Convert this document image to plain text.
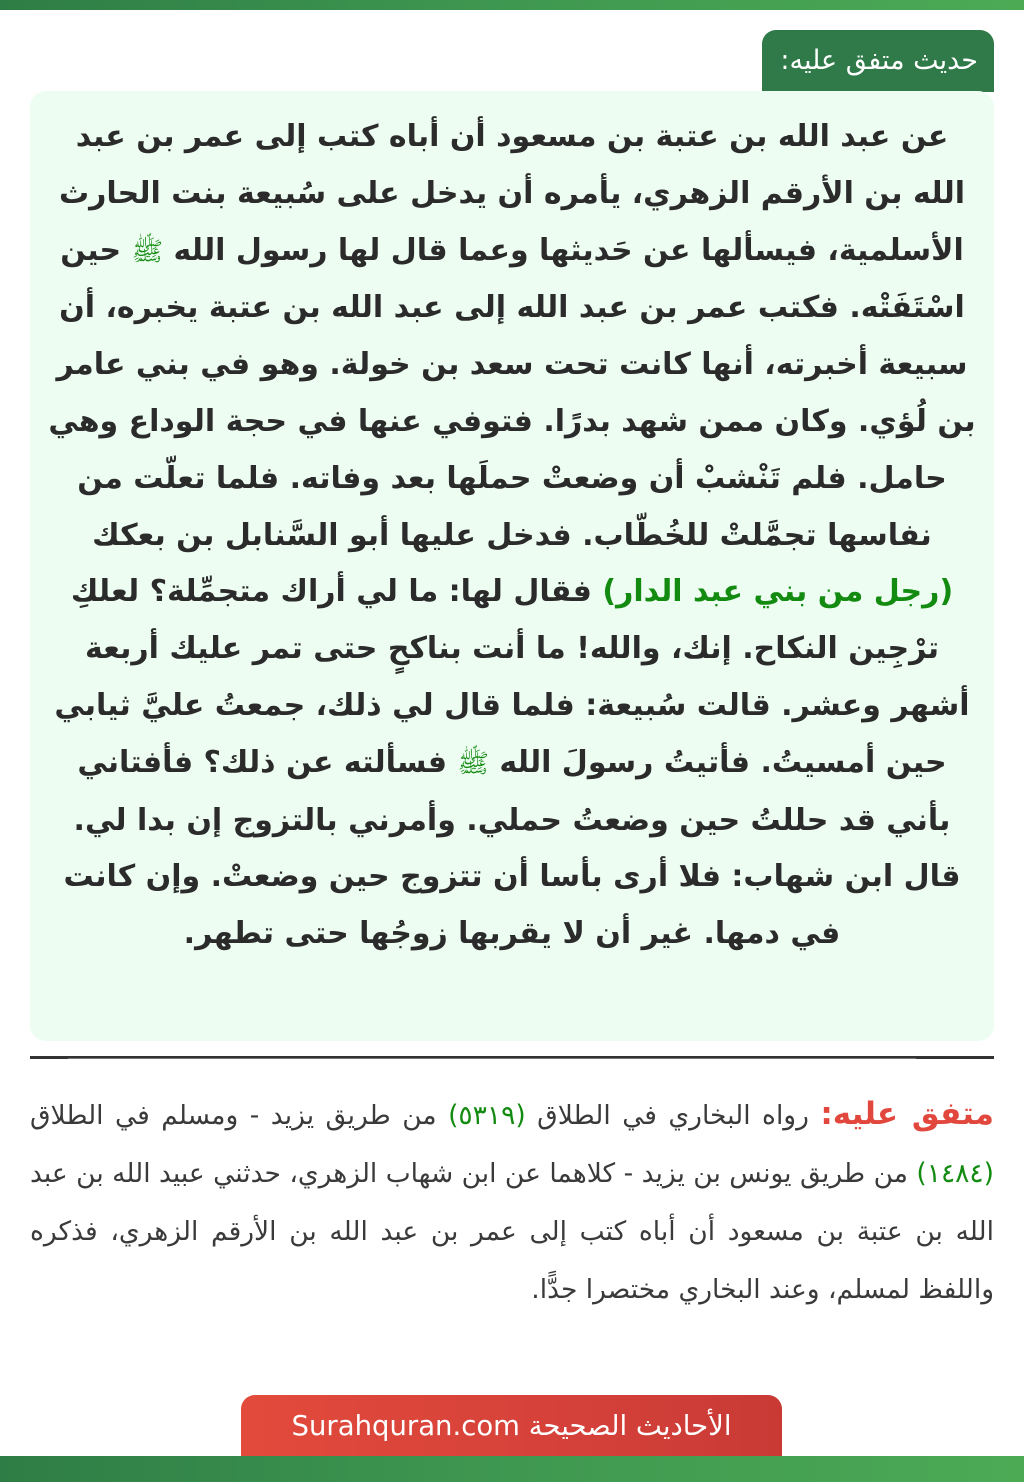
حديث متفق عليه:

عن عبد الله بن عتبة بن مسعود أن أباه كتب إلى عمر بن عبد الله بن الأرقم الزهري، يأمره أن يدخل على سُبيعة بنت الحارث الأسلمية، فيسألها عن حَديثها وعما قال لها رسول الله ﷺ حين اسْتَفَتْه. فكتب عمر بن عبد الله إلى عبد الله بن عتبة يخبره، أن سبيعة أخبرته، أنها كانت تحت سعد بن خولة. وهو في بني عامر بن لُؤي. وكان ممن شهد بدرًا. فتوفي عنها في حجة الوداع وهي حامل. فلم تَنْشبْ أن وضعتْ حملَها بعد وفاته. فلما تعلّت من نفاسها تجمَّلتْ للخُطّاب. فدخل عليها أبو السَّنابل بن بعكك (رجل من بني عبد الدار) فقال لها: ما لي أراك متجمِّلة؟ لعلكِ ترْجِين النكاح. إنك، والله! ما أنت بناكحٍ حتى تمر عليك أربعة أشهر وعشر. قالت سُبيعة: فلما قال لي ذلك، جمعتُ عليَّ ثيابي حين أمسيتُ. فأتيتُ رسولَ الله ﷺ فسألته عن ذلك؟ فأفتاني بأني قد حللتُ حين وضعتُ حملي. وأمرني بالتزوج إن بدا لي.

قال ابن شهاب: فلا أرى بأسا أن تتزوج حين وضعتْ. وإن كانت في دمها. غير أن لا يقربها زوجُها حتى تطهر.

متفق عليه: رواه البخاري في الطلاق (٥٣١٩) من طريق يزيد - ومسلم في الطلاق (١٤٨٤) من طريق يونس بن يزيد - كلاهما عن ابن شهاب الزهري، حدثني عبيد الله بن عبد الله بن عتبة بن مسعود أن أباه كتب إلى عمر بن عبد الله بن الأرقم الزهري، فذكره واللفظ لمسلم، وعند البخاري مختصرا جدًّا.

الأحاديث الصحيحة Surahquran.com
